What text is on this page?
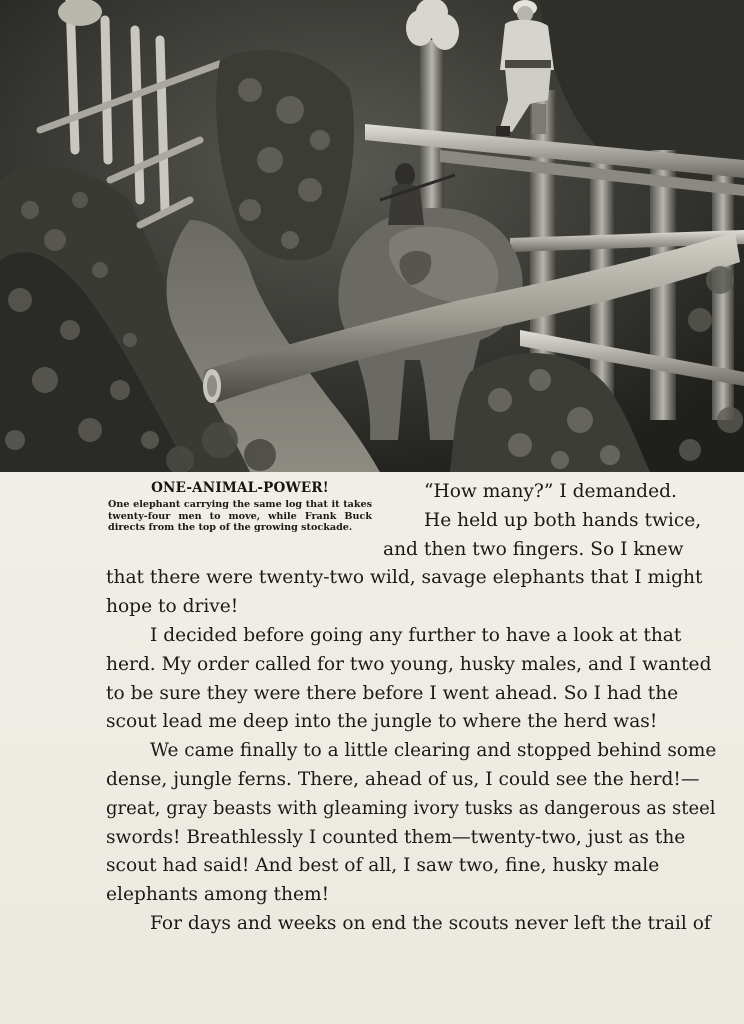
ONE-ANIMAL-POWER!
One elephant carrying the same log that it takes twenty-four men to move, while Frank Buck directs from the top of the growing stockade.
“How many?” I demanded.
He held up both hands twice,
and then two fingers. So I knew
that there were twenty-two wild, savage elephants that I might
hope to drive!
I decided before going any further to have a look at that
herd. My order called for two young, husky males, and I wanted
to be sure they were there before I went ahead. So I had the
scout lead me deep into the jungle to where the herd was!
We came finally to a little clearing and stopped behind some
dense, jungle ferns. There, ahead of us, I could see the herd!—
great, gray beasts with gleaming ivory tusks as dangerous as steel
swords! Breathlessly I counted them—twenty-two, just as the
scout had said! And best of all, I saw two, fine, husky male
elephants among them!
For days and weeks on end the scouts never left the trail of
